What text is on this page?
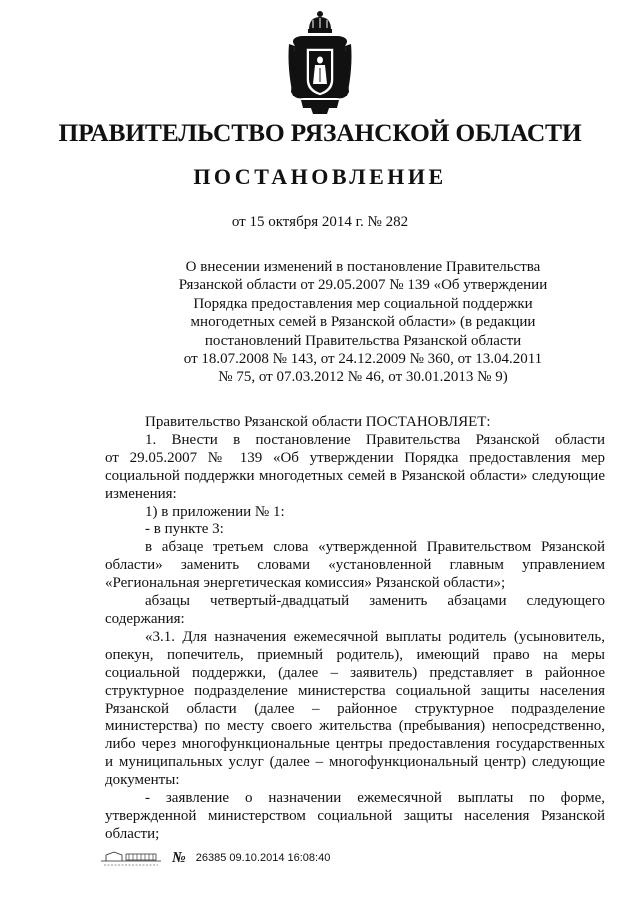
ПРАВИТЕЛЬСТВО РЯЗАНСКОЙ ОБЛАСТИ
ПОСТАНОВЛЕНИЕ
от 15 октября 2014 г. № 282
О внесении изменений в постановление Правительства
Рязанской области от 29.05.2007 № 139 «Об утверждении
Порядка предоставления мер социальной поддержки
многодетных семей в Рязанской области» (в редакции
постановлений Правительства Рязанской области
от 18.07.2008 № 143, от 24.12.2009 № 360, от 13.04.2011
№ 75, от 07.03.2012 № 46, от 30.01.2013 № 9)

Правительство Рязанской области ПОСТАНОВЛЯЕТ:

1. Внести в постановление Правительства Рязанской области
от 29.05.2007 № 139 «Об утверждении Порядка предоставления мер
социальной поддержки многодетных семей в Рязанской области» следующие
изменения:

1) в приложении № 1:

- в пункте 3:

в абзаце третьем слова «утвержденной Правительством Рязанской
области» заменить словами «установленной главным управлением
«Региональная энергетическая комиссия» Рязанской области»;

абзацы четвертый-двадцатый заменить абзацами следующего
содержания:

«3.1. Для назначения ежемесячной выплаты родитель (усыновитель,
опекун, попечитель, приемный родитель), имеющий право на меры
социальной поддержки, (далее – заявитель) представляет в районное
структурное подразделение министерства социальной защиты населения
Рязанской области (далее – районное структурное подразделение
министерства) по месту своего жительства (пребывания) непосредственно,
либо через многофункциональные центры предоставления государственных
и муниципальных услуг (далее – многофункциональный центр) следующие
документы:

- заявление о назначении ежемесячной выплаты по форме,
утвержденной министерством социальной защиты населения Рязанской
области;

№ 26385 09.10.2014 16:08:40
